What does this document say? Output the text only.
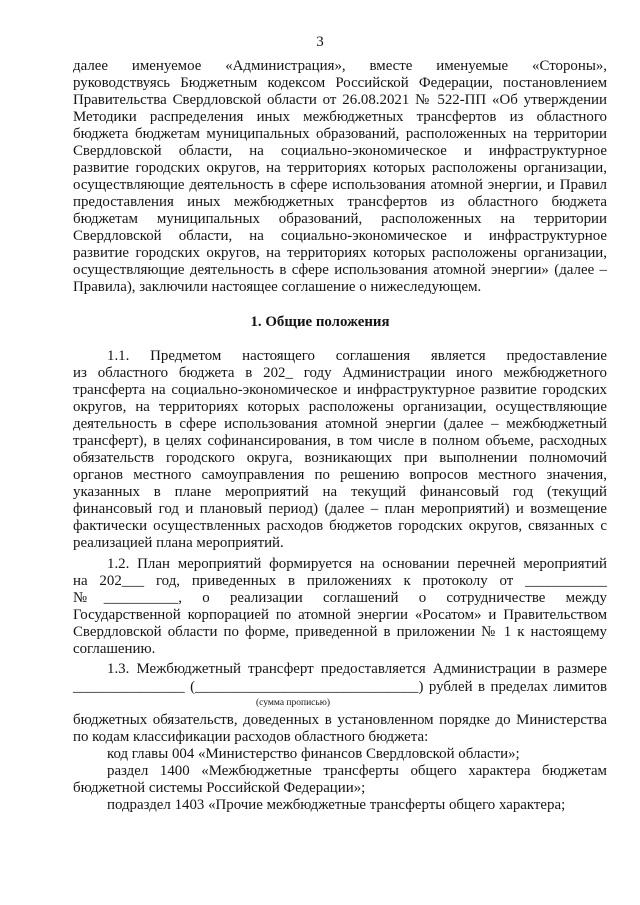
3
далее именуемое «Администрация», вместе именуемые «Стороны»,
руководствуясь Бюджетным кодексом Российской Федерации, постановлением
Правительства Свердловской области от 26.08.2021 № 522-ПП «Об утверждении
Методики распределения иных межбюджетных трансфертов из областного
бюджета бюджетам муниципальных образований, расположенных на территории
Свердловской области, на социально-экономическое и инфраструктурное
развитие городских округов, на территориях которых расположены организации,
осуществляющие деятельность в сфере использования атомной энергии, и Правил
предоставления иных межбюджетных трансфертов из областного бюджета
бюджетам муниципальных образований, расположенных на территории
Свердловской области, на социально-экономическое и инфраструктурное
развитие городских округов, на территориях которых расположены организации,
осуществляющие деятельность в сфере использования атомной энергии» (далее –
Правила), заключили настоящее соглашение о нижеследующем.
1. Общие положения
1.1. Предметом настоящего соглашения является предоставление
из областного бюджета в 202_ году Администрации иного межбюджетного
трансферта на социально-экономическое и инфраструктурное развитие городских
округов, на территориях которых расположены организации, осуществляющие
деятельность в сфере использования атомной энергии (далее – межбюджетный
трансферт), в целях софинансирования, в том числе в полном объеме, расходных
обязательств городского округа, возникающих при выполнении полномочий
органов местного самоуправления по решению вопросов местного значения,
указанных в плане мероприятий на текущий финансовый год (текущий
финансовый год и плановый период) (далее – план мероприятий) и возмещение
фактически осуществленных расходов бюджетов городских округов, связанных с
реализацией плана мероприятий.
1.2. План мероприятий формируется на основании перечней мероприятий
на 202___ год, приведенных в приложениях к протоколу от ___________
№__________, о реализации соглашений о сотрудничестве между
Государственной корпорацией по атомной энергии «Росатом» и Правительством
Свердловской области по форме, приведенной в приложении № 1 к настоящему
соглашению.
1.3. Межбюджетный трансферт предоставляется Администрации в размере
_______________ (______________________________) рублей в пределах лимитов
(сумма прописью)
бюджетных обязательств, доведенных в установленном порядке до Министерства
по кодам классификации расходов областного бюджета:
код главы 004 «Министерство финансов Свердловской области»;
раздел 1400 «Межбюджетные трансферты общего характера бюджетам
бюджетной системы Российской Федерации»;
подраздел 1403 «Прочие межбюджетные трансферты общего характера;
